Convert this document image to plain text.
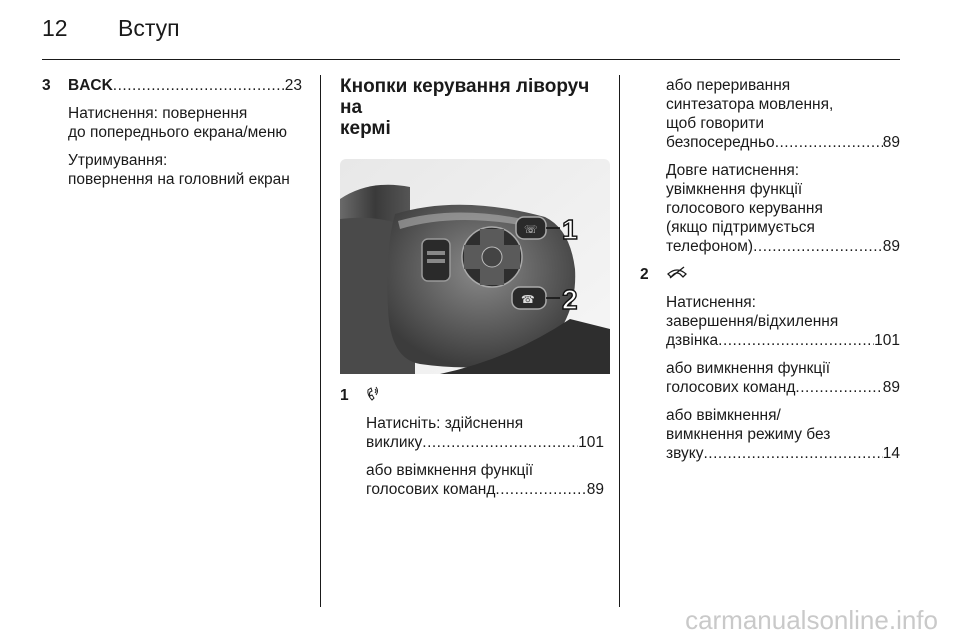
12 Вступ
3 BACK .....	23
Натиснення: повернення
до попереднього екрана/меню
Утримування:
повернення на головний екран
Кнопки керування ліворуч на
кермі
☏
☎
1
2
1
Натисніть: здійснення
виклику .....	101
або ввімкнення функції
голосових команд .....	89
або переривання
синтезатора мовлення,
щоб говорити
безпосередньо .....	89
Довге натиснення:
увімкнення функції
голосового керування
(якщо підтримується
телефоном) .....	89
2
Натиснення:
завершення/відхилення
дзвінка .....	101
або вимкнення функції
голосових команд .....	89
або ввімкнення/
вимкнення режиму без
звуку .....	14
carmanualsonline.info
